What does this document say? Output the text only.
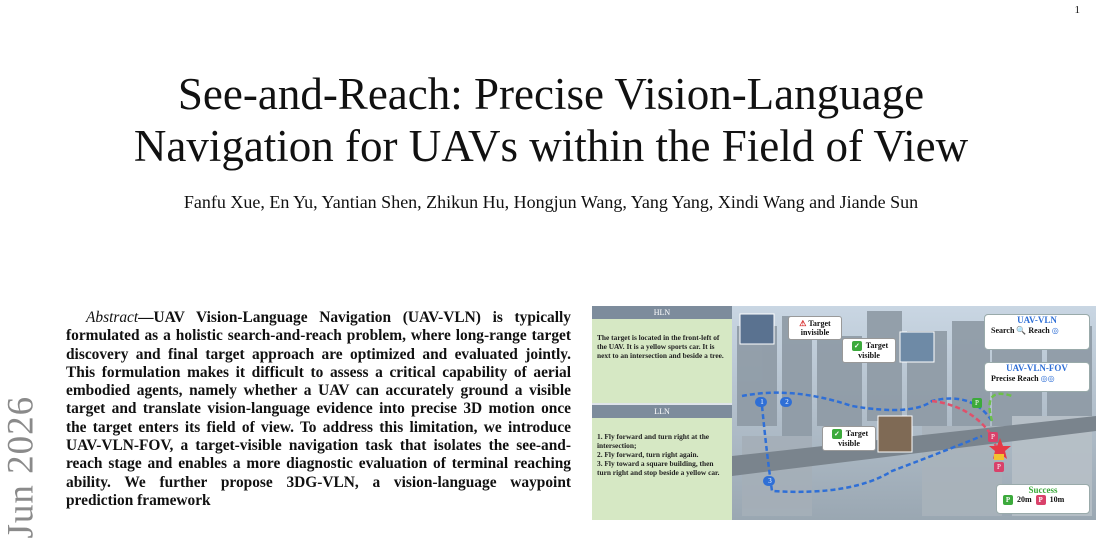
1
Jun 2026
See-and-Reach: Precise Vision-Language
Navigation for UAVs within the Field of View
Fanfu Xue, En Yu, Yantian Shen, Zhikun Hu, Hongjun Wang, Yang Yang, Xindi Wang and Jiande Sun

Abstract—UAV Vision-Language Navigation (UAV-VLN) is typically formulated as a holistic search-and-reach problem, where long-range target discovery and final target approach are optimized and evaluated jointly. This formulation makes it difficult to assess a critical capability of aerial embodied agents, namely whether a UAV can accurately ground a visible target and translate vision-language evidence into precise 3D motion once the target enters its field of view. To address this limitation, we introduce UAV-VLN-FOV, a target-visible navigation task that isolates the see-and-reach stage and enables a more diagnostic evaluation of terminal reaching ability. We further propose 3DG-VLN, a vision-language waypoint prediction framework

HLN
The target is located in the front-left of the UAV. It is a yellow sports car. It is next to an intersection and beside a tree.
LLN
1. Fly forward and turn right at the intersection;
2. Fly forward, turn right again.
3. Fly toward a square building, then turn right and stop beside a yellow car.
⚠ Target invisible
✓ Target visible
✓ Target visible
UAV-VLN
Search 🔍 Reach ◎
UAV-VLN-FOV
Precise Reach ◎◎
Success
P 20m P 10m
1	2
3
P
P
P
